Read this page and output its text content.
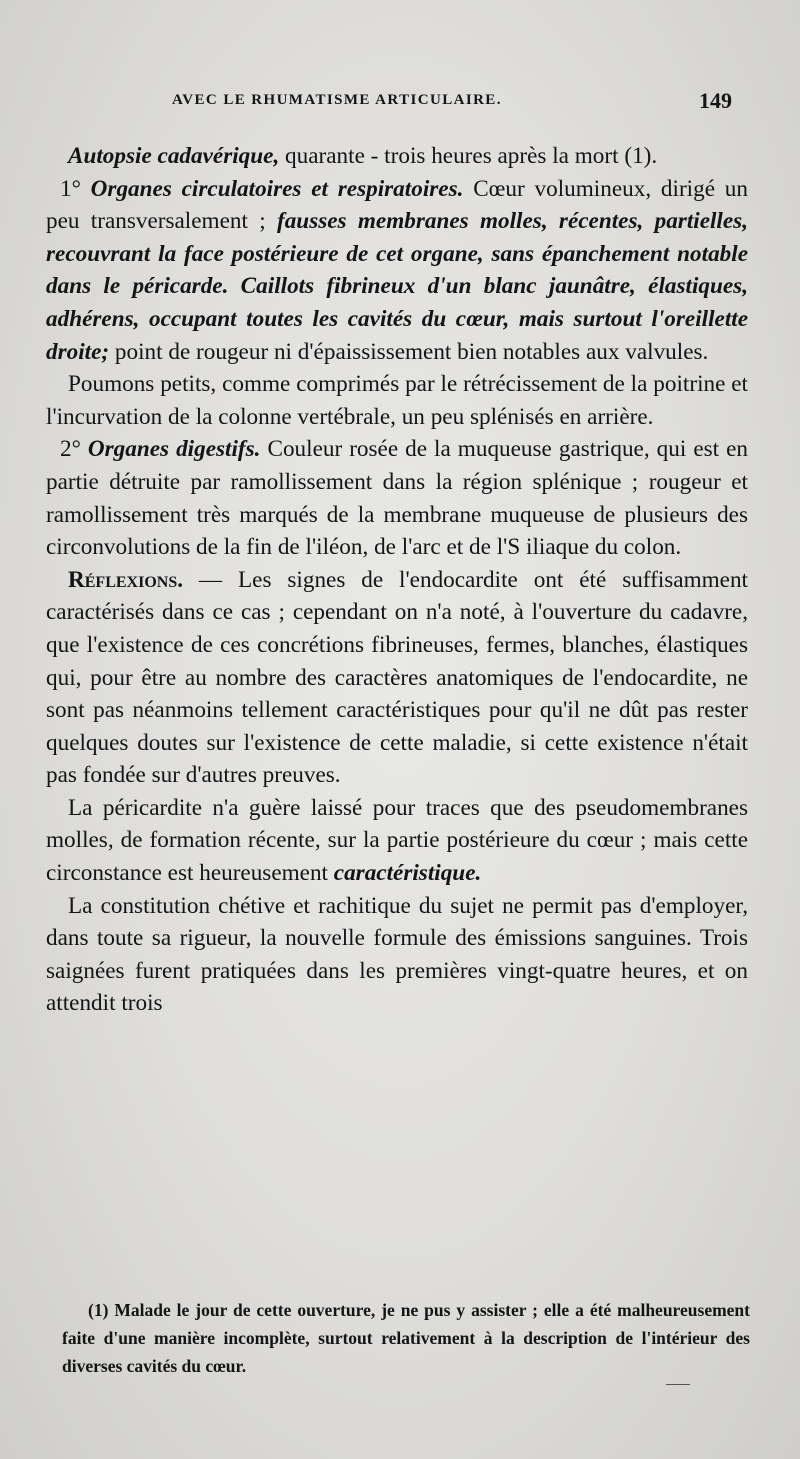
AVEC LE RHUMATISME ARTICULAIRE.	149

Autopsie cadavérique, quarante - trois heures après la mort (1).

1° Organes circulatoires et respiratoires. Cœur volumineux, dirigé un peu transversalement ; fausses membranes molles, récentes, partielles, recouvrant la face postérieure de cet organe, sans épanchement notable dans le péricarde. Caillots fibrineux d'un blanc jaunâtre, élastiques, adhérens, occupant toutes les cavités du cœur, mais surtout l'oreillette droite; point de rougeur ni d'épaississement bien notables aux valvules.

Poumons petits, comme comprimés par le rétrécissement de la poitrine et l'incurvation de la colonne vertébrale, un peu splénisés en arrière.

2° Organes digestifs. Couleur rosée de la muqueuse gastrique, qui est en partie détruite par ramollissement dans la région splénique ; rougeur et ramollissement très marqués de la membrane muqueuse de plusieurs des circonvolutions de la fin de l'iléon, de l'arc et de l'S iliaque du colon.

Réflexions. — Les signes de l'endocardite ont été suffisamment caractérisés dans ce cas ; cependant on n'a noté, à l'ouverture du cadavre, que l'existence de ces concrétions fibrineuses, fermes, blanches, élastiques qui, pour être au nombre des caractères anatomiques de l'endocardite, ne sont pas néanmoins tellement caractéristiques pour qu'il ne dût pas rester quelques doutes sur l'existence de cette maladie, si cette existence n'était pas fondée sur d'autres preuves.

La péricardite n'a guère laissé pour traces que des pseudomembranes molles, de formation récente, sur la partie postérieure du cœur ; mais cette circonstance est heureusement caractéristique.

La constitution chétive et rachitique du sujet ne permit pas d'employer, dans toute sa rigueur, la nouvelle formule des émissions sanguines. Trois saignées furent pratiquées dans les premières vingt-quatre heures, et on attendit trois

(1) Malade le jour de cette ouverture, je ne pus y assister ; elle a été malheureusement faite d'une manière incomplète, surtout relativement à la description de l'intérieur des diverses cavités du cœur.
